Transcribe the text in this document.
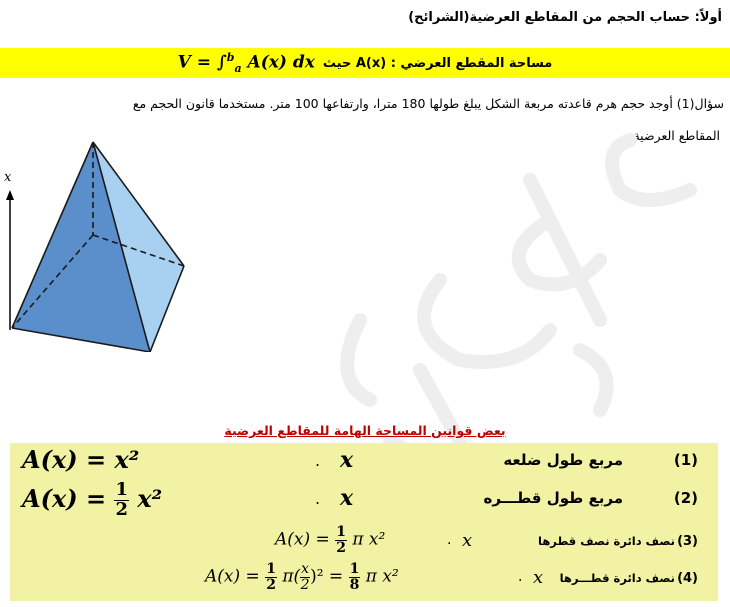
أولاً: حساب الحجم من المقاطع العرضية(الشرائح)
V = ∫$^b_a$ A(x) dx مساحة المقطع العرضي : A(x) حيث
سؤال(1) أوجد حجم هرم قاعدته مربعة الشكل يبلغ طولها 180 مترا، وارتفاعها 100 متر. مستخدما قانون الحجم مع
المقاطع العرضية.
x
بعض قوانين المساحة الهامة للمقاطع العرضية
(1)
مربع طول ضلعه
x
.
A(x) = x²
(2)
مربع طول قطـــره
x
.
$A(x) = \frac{1}{2} x^2$
(3)
نصف دائرة نصف قطرها
x
.
$A(x) = \frac{1}{2}$ π x²
(4)
نصف دائرة قطـــرها
x
.
$A(x) = \frac{1}{2} \pi( \frac{x}{2} )^2 = \frac{1}{8}$ π x²
